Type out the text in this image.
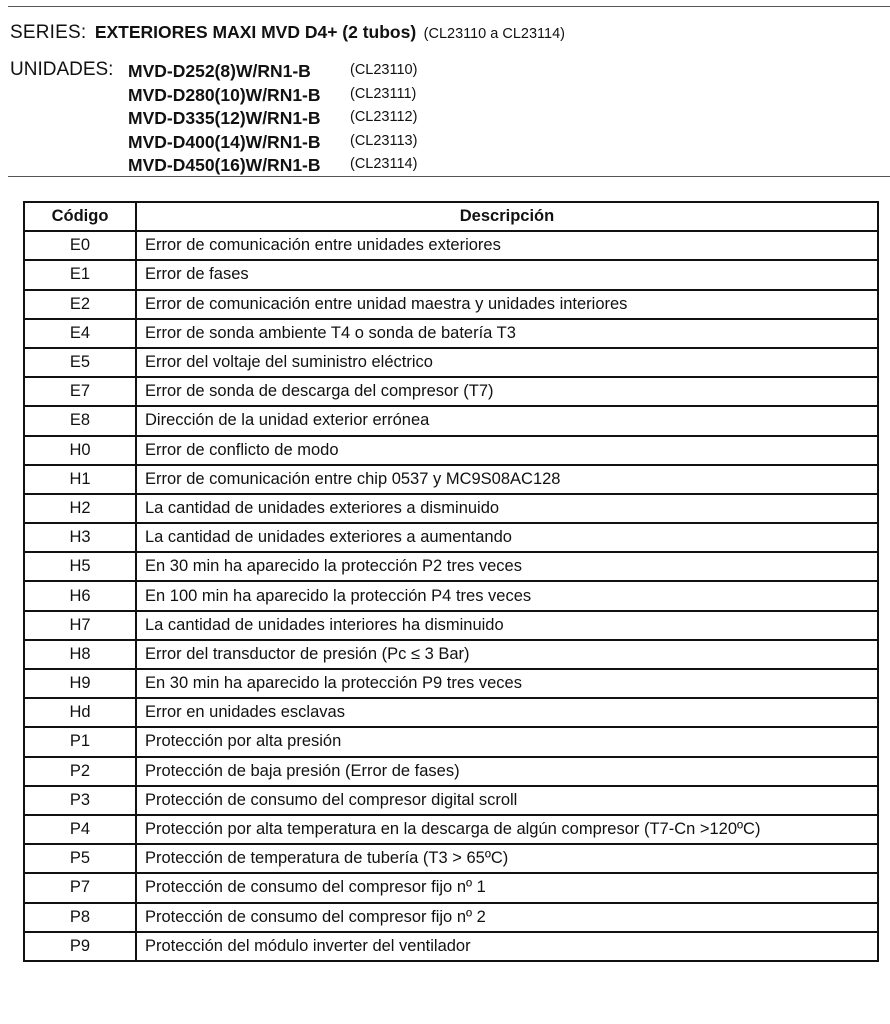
SERIES: EXTERIORES MAXI MVD D4+ (2 tubos) (CL23110 a CL23114)
UNIDADES: MVD-D252(8)W/RN1-B	(CL23110)
MVD-D280(10)W/RN1-B (CL23111)
MVD-D335(12)W/RN1-B (CL23112)
MVD-D400(14)W/RN1-B (CL23113)
MVD-D450(16)W/RN1-B (CL23114)
Código	Descripción
E0	Error de comunicación entre unidades exteriores
E1	Error de fases
E2	Error de comunicación entre unidad maestra y unidades interiores
E4	Error de sonda ambiente T4 o sonda de batería T3
E5	Error del voltaje del suministro eléctrico
E7	Error de sonda de descarga del compresor (T7)
E8	Dirección de la unidad exterior errónea
H0	Error de conflicto de modo
H1	Error de comunicación entre chip 0537 y MC9S08AC128
H2	La cantidad de unidades exteriores a disminuido
H3	La cantidad de unidades exteriores a aumentando
H5	En 30 min ha aparecido la protección P2 tres veces
H6	En 100 min ha aparecido la protección P4 tres veces
H7	La cantidad de unidades interiores ha disminuido
H8	Error del transductor de presión (Pc ≤ 3 Bar)
H9	En 30 min ha aparecido la protección P9 tres veces
Hd	Error en unidades esclavas
P1	Protección por alta presión
P2	Protección de baja presión (Error de fases)
P3	Protección de consumo del compresor digital scroll
P4	Protección por alta temperatura en la descarga de algún compresor (T7-Cn >120ºC)
P5	Protección de temperatura de tubería (T3 > 65ºC)
P7	Protección de consumo del compresor fijo nº 1
P8	Protección de consumo del compresor fijo nº 2
P9	Protección del módulo inverter del ventilador
